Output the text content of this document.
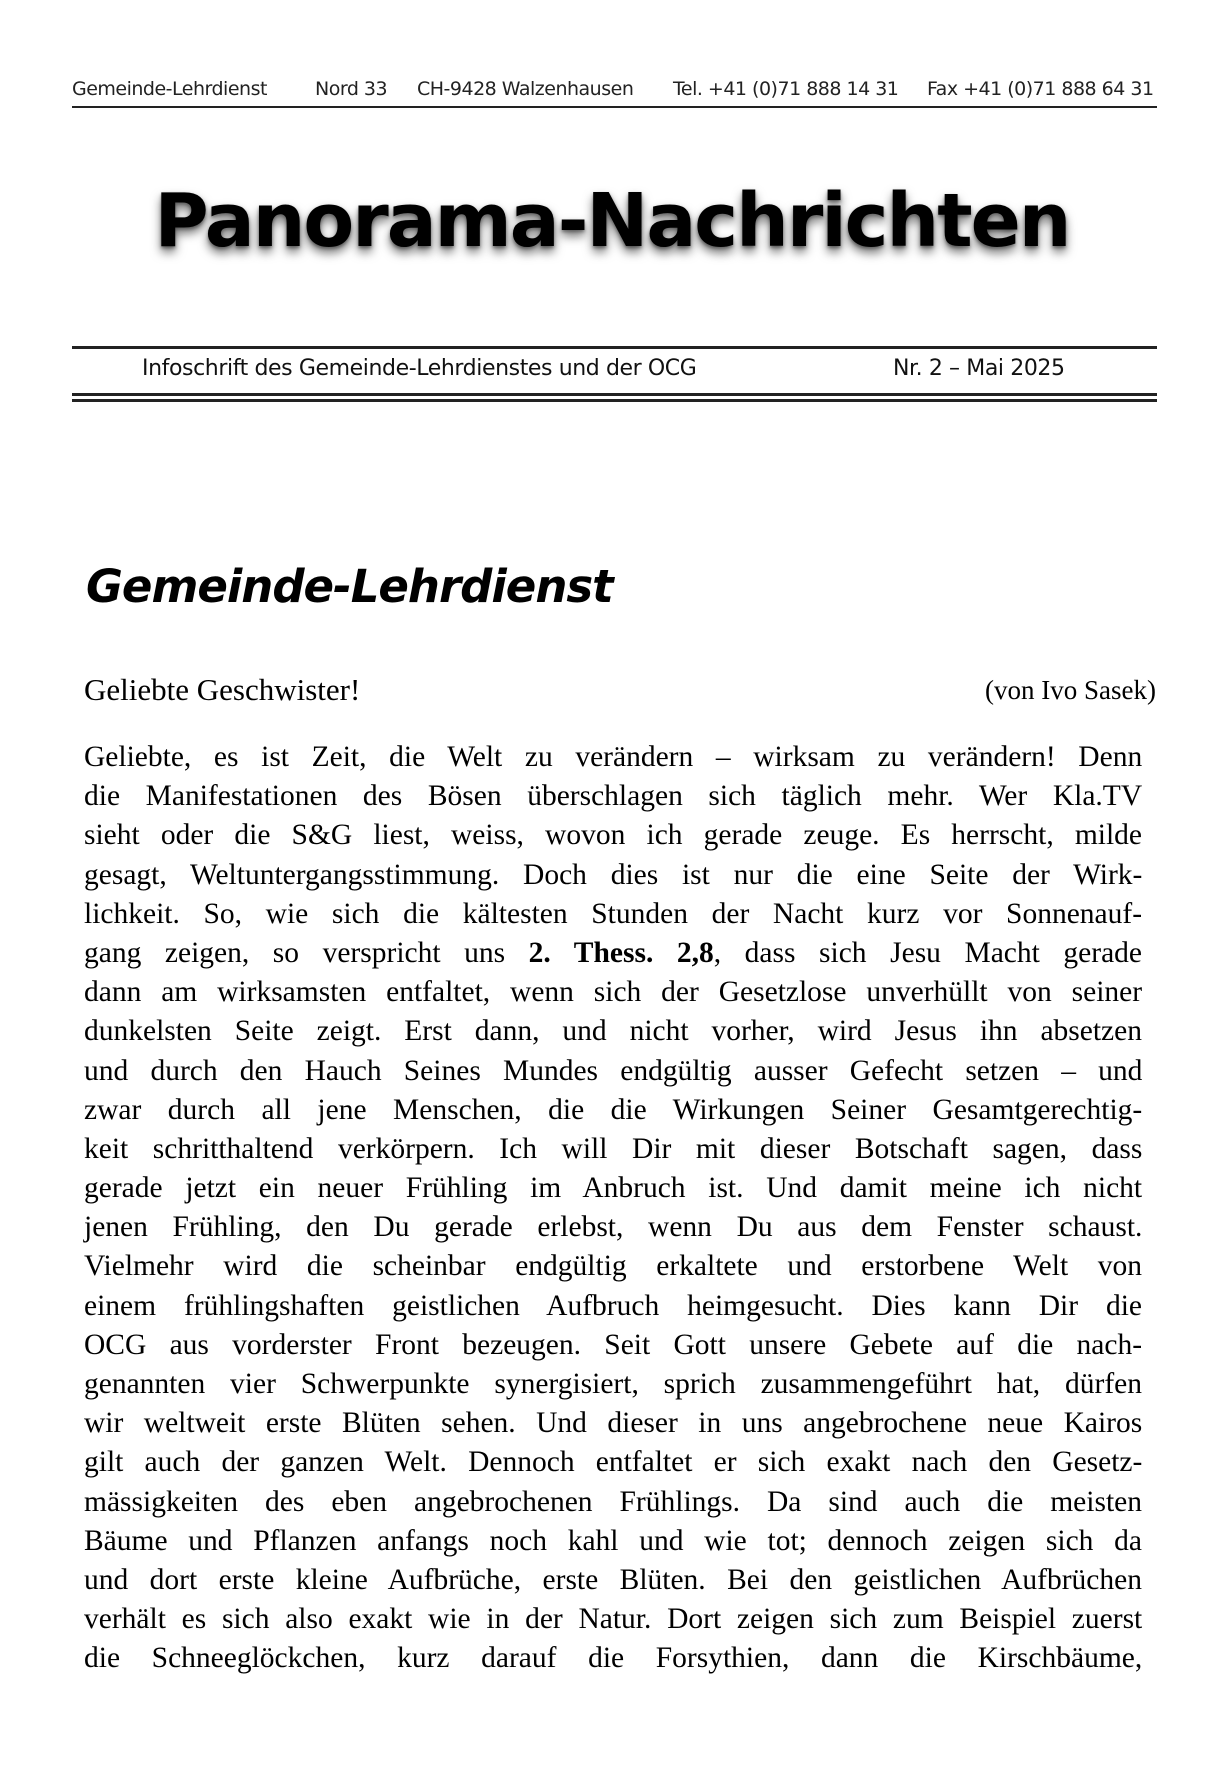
Gemeinde-Lehrdienst	Nord 33 CH-9428 Walzenhausen Tel. +41 (0)71 888 14 31 Fax +41 (0)71 888 64 31
Panorama-Nachrichten
Infoschrift des Gemeinde-Lehrdienstes und der OCG	Nr. 2 – Mai 2025
Gemeinde-Lehrdienst
Geliebte Geschwister!	(von Ivo Sasek)
Geliebte, es ist Zeit, die Welt zu verändern – wirksam zu verändern! Denn
die Manifestationen des Bösen überschlagen sich täglich mehr. Wer Kla.TV
sieht oder die S&G liest, weiss, wovon ich gerade zeuge. Es herrscht, milde
gesagt, Weltuntergangsstimmung. Doch dies ist nur die eine Seite der Wirk-
lichkeit. So, wie sich die kältesten Stunden der Nacht kurz vor Sonnenauf-
gang zeigen, so verspricht uns 2. Thess. 2,8, dass sich Jesu Macht gerade
dann am wirksamsten entfaltet, wenn sich der Gesetzlose unverhüllt von seiner
dunkelsten Seite zeigt. Erst dann, und nicht vorher, wird Jesus ihn absetzen
und durch den Hauch Seines Mundes endgültig ausser Gefecht setzen – und
zwar durch all jene Menschen, die die Wirkungen Seiner Gesamtgerechtig-
keit schritthaltend verkörpern. Ich will Dir mit dieser Botschaft sagen, dass
gerade jetzt ein neuer Frühling im Anbruch ist. Und damit meine ich nicht
jenen Frühling, den Du gerade erlebst, wenn Du aus dem Fenster schaust.
Vielmehr wird die scheinbar endgültig erkaltete und erstorbene Welt von
einem frühlingshaften geistlichen Aufbruch heimgesucht. Dies kann Dir die
OCG aus vorderster Front bezeugen. Seit Gott unsere Gebete auf die nach-
genannten vier Schwerpunkte synergisiert, sprich zusammengeführt hat, dürfen
wir weltweit erste Blüten sehen. Und dieser in uns angebrochene neue Kairos
gilt auch der ganzen Welt. Dennoch entfaltet er sich exakt nach den Gesetz-
mässigkeiten des eben angebrochenen Frühlings. Da sind auch die meisten
Bäume und Pflanzen anfangs noch kahl und wie tot; dennoch zeigen sich da
und dort erste kleine Aufbrüche, erste Blüten. Bei den geistlichen Aufbrüchen
verhält es sich also exakt wie in der Natur. Dort zeigen sich zum Beispiel zuerst
die Schneeglöckchen, kurz darauf die Forsythien, dann die Kirschbäume,
